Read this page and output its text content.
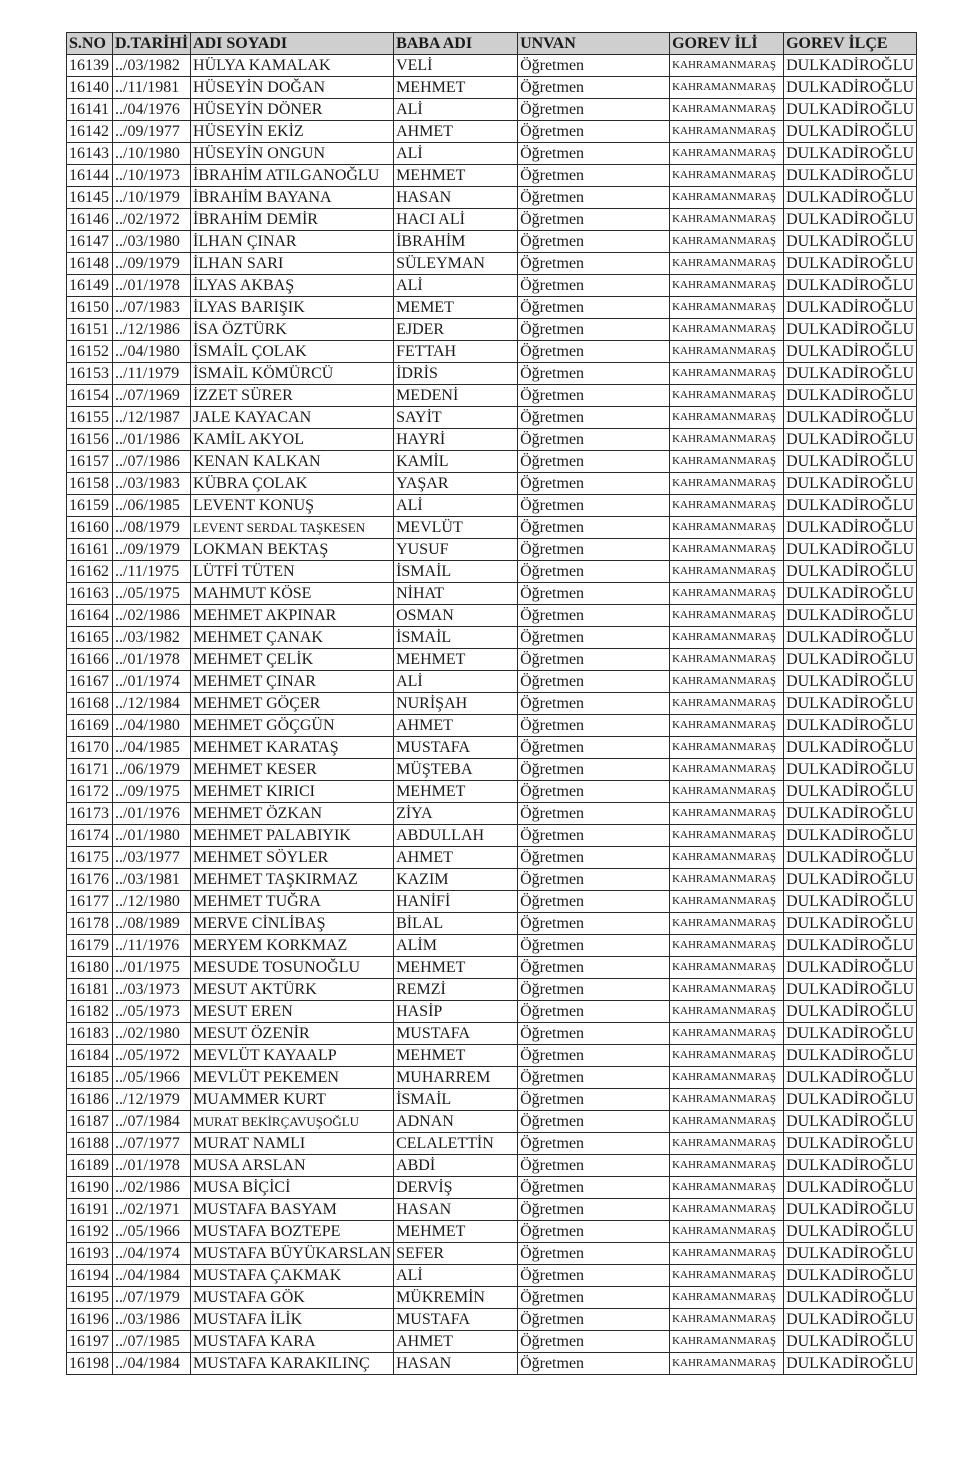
S.NO	D.TARİHİ	ADI SOYADI	BABA ADI	UNVAN	GOREV İLİ	GOREV İLÇE
16139	../03/1982	HÜLYA KAMALAK	VELİ	Öğretmen	KAHRAMANMARAŞ	DULKADİROĞLU
16140	../11/1981	HÜSEYİN DOĞAN	MEHMET	Öğretmen	KAHRAMANMARAŞ	DULKADİROĞLU
16141	../04/1976	HÜSEYİN DÖNER	ALİ	Öğretmen	KAHRAMANMARAŞ	DULKADİROĞLU
16142	../09/1977	HÜSEYİN EKİZ	AHMET	Öğretmen	KAHRAMANMARAŞ	DULKADİROĞLU
16143	../10/1980	HÜSEYİN ONGUN	ALİ	Öğretmen	KAHRAMANMARAŞ	DULKADİROĞLU
16144	../10/1973	İBRAHİM ATILGANOĞLU	MEHMET	Öğretmen	KAHRAMANMARAŞ	DULKADİROĞLU
16145	../10/1979	İBRAHİM BAYANA	HASAN	Öğretmen	KAHRAMANMARAŞ	DULKADİROĞLU
16146	../02/1972	İBRAHİM DEMİR	HACI ALİ	Öğretmen	KAHRAMANMARAŞ	DULKADİROĞLU
16147	../03/1980	İLHAN ÇINAR	İBRAHİM	Öğretmen	KAHRAMANMARAŞ	DULKADİROĞLU
16148	../09/1979	İLHAN SARI	SÜLEYMAN	Öğretmen	KAHRAMANMARAŞ	DULKADİROĞLU
16149	../01/1978	İLYAS AKBAŞ	ALİ	Öğretmen	KAHRAMANMARAŞ	DULKADİROĞLU
16150	../07/1983	İLYAS BARIŞIK	MEMET	Öğretmen	KAHRAMANMARAŞ	DULKADİROĞLU
16151	../12/1986	İSA ÖZTÜRK	EJDER	Öğretmen	KAHRAMANMARAŞ	DULKADİROĞLU
16152	../04/1980	İSMAİL ÇOLAK	FETTAH	Öğretmen	KAHRAMANMARAŞ	DULKADİROĞLU
16153	../11/1979	İSMAİL KÖMÜRCÜ	İDRİS	Öğretmen	KAHRAMANMARAŞ	DULKADİROĞLU
16154	../07/1969	İZZET SÜRER	MEDENİ	Öğretmen	KAHRAMANMARAŞ	DULKADİROĞLU
16155	../12/1987	JALE KAYACAN	SAYİT	Öğretmen	KAHRAMANMARAŞ	DULKADİROĞLU
16156	../01/1986	KAMİL AKYOL	HAYRİ	Öğretmen	KAHRAMANMARAŞ	DULKADİROĞLU
16157	../07/1986	KENAN KALKAN	KAMİL	Öğretmen	KAHRAMANMARAŞ	DULKADİROĞLU
16158	../03/1983	KÜBRA ÇOLAK	YAŞAR	Öğretmen	KAHRAMANMARAŞ	DULKADİROĞLU
16159	../06/1985	LEVENT KONUŞ	ALİ	Öğretmen	KAHRAMANMARAŞ	DULKADİROĞLU
16160	../08/1979	LEVENT SERDAL TAŞKESEN	MEVLÜT	Öğretmen	KAHRAMANMARAŞ	DULKADİROĞLU
16161	../09/1979	LOKMAN BEKTAŞ	YUSUF	Öğretmen	KAHRAMANMARAŞ	DULKADİROĞLU
16162	../11/1975	LÜTFİ TÜTEN	İSMAİL	Öğretmen	KAHRAMANMARAŞ	DULKADİROĞLU
16163	../05/1975	MAHMUT KÖSE	NİHAT	Öğretmen	KAHRAMANMARAŞ	DULKADİROĞLU
16164	../02/1986	MEHMET AKPINAR	OSMAN	Öğretmen	KAHRAMANMARAŞ	DULKADİROĞLU
16165	../03/1982	MEHMET ÇANAK	İSMAİL	Öğretmen	KAHRAMANMARAŞ	DULKADİROĞLU
16166	../01/1978	MEHMET ÇELİK	MEHMET	Öğretmen	KAHRAMANMARAŞ	DULKADİROĞLU
16167	../01/1974	MEHMET ÇINAR	ALİ	Öğretmen	KAHRAMANMARAŞ	DULKADİROĞLU
16168	../12/1984	MEHMET GÖÇER	NURİŞAH	Öğretmen	KAHRAMANMARAŞ	DULKADİROĞLU
16169	../04/1980	MEHMET GÖÇGÜN	AHMET	Öğretmen	KAHRAMANMARAŞ	DULKADİROĞLU
16170	../04/1985	MEHMET KARATAŞ	MUSTAFA	Öğretmen	KAHRAMANMARAŞ	DULKADİROĞLU
16171	../06/1979	MEHMET KESER	MÜŞTEBA	Öğretmen	KAHRAMANMARAŞ	DULKADİROĞLU
16172	../09/1975	MEHMET KIRICI	MEHMET	Öğretmen	KAHRAMANMARAŞ	DULKADİROĞLU
16173	../01/1976	MEHMET ÖZKAN	ZİYA	Öğretmen	KAHRAMANMARAŞ	DULKADİROĞLU
16174	../01/1980	MEHMET PALABIYIK	ABDULLAH	Öğretmen	KAHRAMANMARAŞ	DULKADİROĞLU
16175	../03/1977	MEHMET SÖYLER	AHMET	Öğretmen	KAHRAMANMARAŞ	DULKADİROĞLU
16176	../03/1981	MEHMET TAŞKIRMAZ	KAZIM	Öğretmen	KAHRAMANMARAŞ	DULKADİROĞLU
16177	../12/1980	MEHMET TUĞRA	HANİFİ	Öğretmen	KAHRAMANMARAŞ	DULKADİROĞLU
16178	../08/1989	MERVE CİNLİBAŞ	BİLAL	Öğretmen	KAHRAMANMARAŞ	DULKADİROĞLU
16179	../11/1976	MERYEM KORKMAZ	ALİM	Öğretmen	KAHRAMANMARAŞ	DULKADİROĞLU
16180	../01/1975	MESUDE TOSUNOĞLU	MEHMET	Öğretmen	KAHRAMANMARAŞ	DULKADİROĞLU
16181	../03/1973	MESUT AKTÜRK	REMZİ	Öğretmen	KAHRAMANMARAŞ	DULKADİROĞLU
16182	../05/1973	MESUT EREN	HASİP	Öğretmen	KAHRAMANMARAŞ	DULKADİROĞLU
16183	../02/1980	MESUT ÖZENİR	MUSTAFA	Öğretmen	KAHRAMANMARAŞ	DULKADİROĞLU
16184	../05/1972	MEVLÜT KAYAALP	MEHMET	Öğretmen	KAHRAMANMARAŞ	DULKADİROĞLU
16185	../05/1966	MEVLÜT PEKEMEN	MUHARREM	Öğretmen	KAHRAMANMARAŞ	DULKADİROĞLU
16186	../12/1979	MUAMMER KURT	İSMAİL	Öğretmen	KAHRAMANMARAŞ	DULKADİROĞLU
16187	../07/1984	MURAT BEKİRÇAVUŞOĞLU	ADNAN	Öğretmen	KAHRAMANMARAŞ	DULKADİROĞLU
16188	../07/1977	MURAT NAMLI	CELALETTİN	Öğretmen	KAHRAMANMARAŞ	DULKADİROĞLU
16189	../01/1978	MUSA ARSLAN	ABDİ	Öğretmen	KAHRAMANMARAŞ	DULKADİROĞLU
16190	../02/1986	MUSA BİÇİCİ	DERVİŞ	Öğretmen	KAHRAMANMARAŞ	DULKADİROĞLU
16191	../02/1971	MUSTAFA BASYAM	HASAN	Öğretmen	KAHRAMANMARAŞ	DULKADİROĞLU
16192	../05/1966	MUSTAFA BOZTEPE	MEHMET	Öğretmen	KAHRAMANMARAŞ	DULKADİROĞLU
16193	../04/1974	MUSTAFA BÜYÜKARSLAN	SEFER	Öğretmen	KAHRAMANMARAŞ	DULKADİROĞLU
16194	../04/1984	MUSTAFA ÇAKMAK	ALİ	Öğretmen	KAHRAMANMARAŞ	DULKADİROĞLU
16195	../07/1979	MUSTAFA GÖK	MÜKREMİN	Öğretmen	KAHRAMANMARAŞ	DULKADİROĞLU
16196	../03/1986	MUSTAFA İLİK	MUSTAFA	Öğretmen	KAHRAMANMARAŞ	DULKADİROĞLU
16197	../07/1985	MUSTAFA KARA	AHMET	Öğretmen	KAHRAMANMARAŞ	DULKADİROĞLU
16198	../04/1984	MUSTAFA KARAKILINÇ	HASAN	Öğretmen	KAHRAMANMARAŞ	DULKADİROĞLU
